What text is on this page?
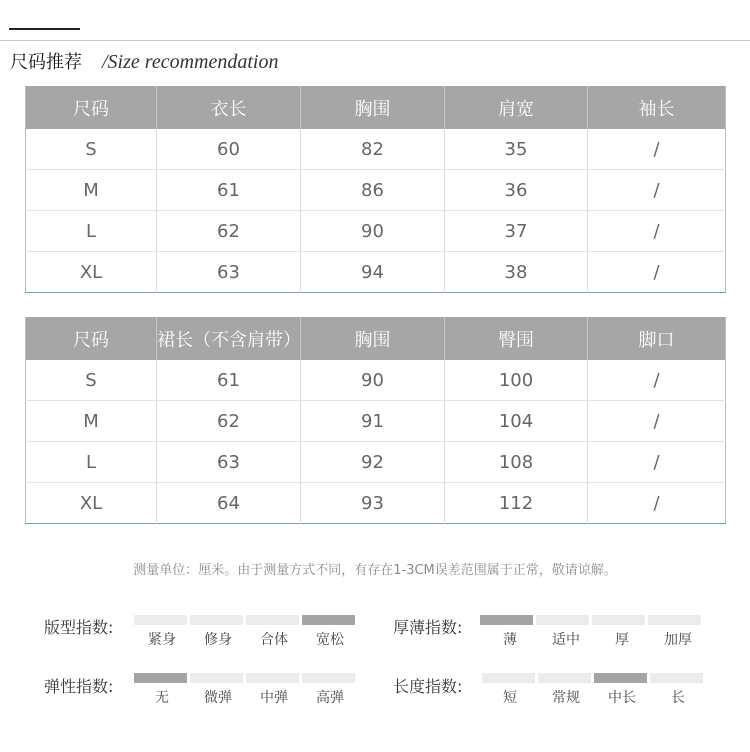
尺码推荐 /Size recommendation
尺码	衣长	胸围	肩宽	袖长
S	60	82	35	/
M	61	86	36	/
L	62	90	37	/
XL	63	94	38	/
尺码	裙长（不含肩带）	胸围	臀围	脚口
S	61	90	100	/
M	62	91	104	/
L	63	92	108	/
XL	64	93	112	/
测量单位：厘米。由于测量方式不同，有存在1-3CM误差范围属于正常，敬请谅解。
版型指数:
紧身	修身	合体	宽松
厚薄指数:
薄	适中	厚	加厚
弹性指数:
无	微弹	中弹	高弹
长度指数:
短	常规	中长	长
